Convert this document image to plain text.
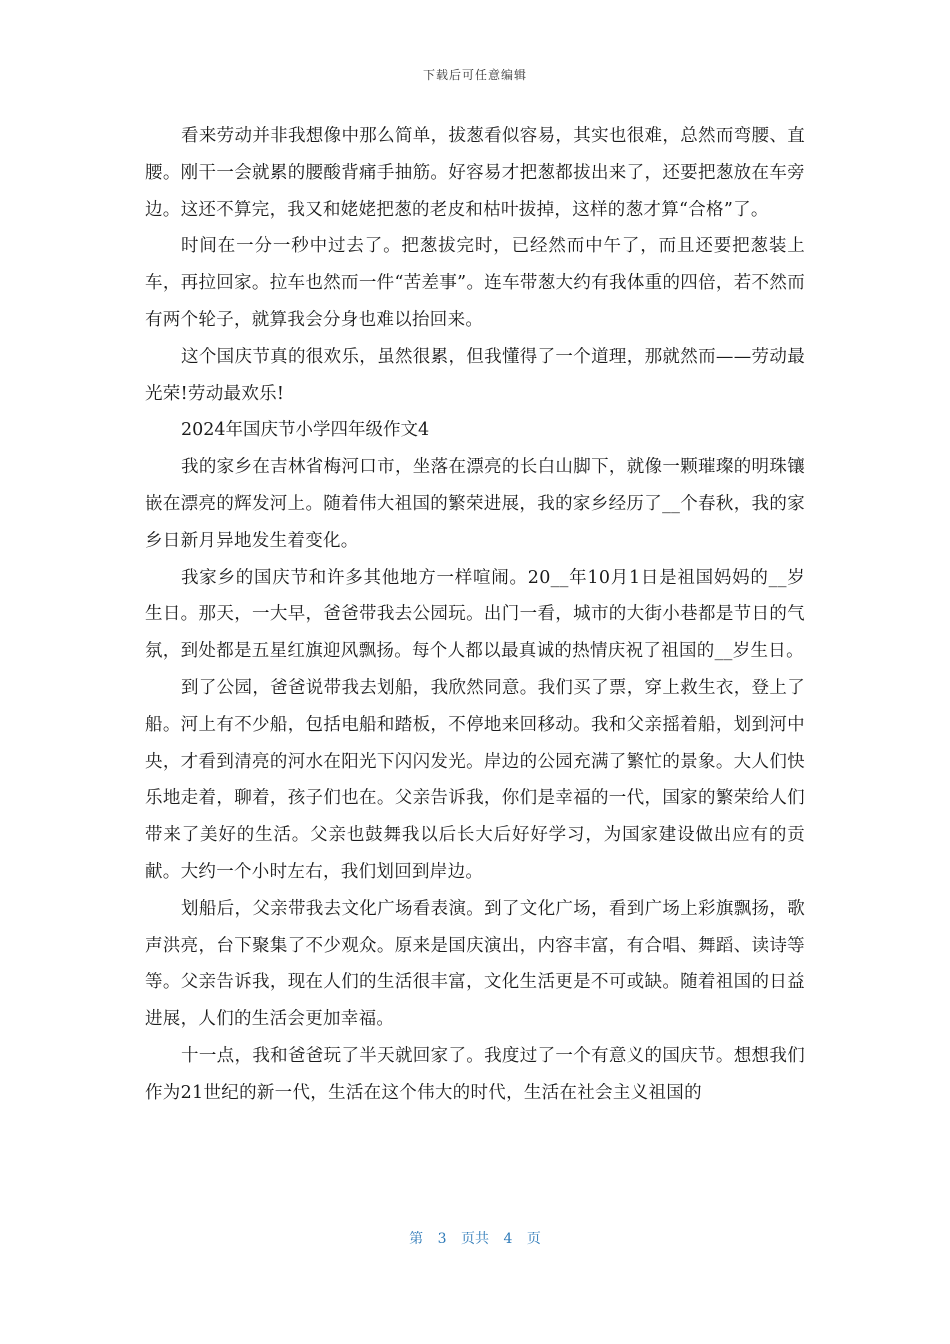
下载后可任意编辑

看来劳动并非我想像中那么简单，拔葱看似容易，其实也很难，总然而弯腰、直腰。刚干一会就累的腰酸背痛手抽筋。好容易才把葱都拔出来了，还要把葱放在车旁边。这还不算完，我又和姥姥把葱的老皮和枯叶拔掉，这样的葱才算“合格”了。

时间在一分一秒中过去了。把葱拔完时，已经然而中午了，而且还要把葱装上车，再拉回家。拉车也然而一件“苦差事”。连车带葱大约有我体重的四倍，若不然而有两个轮子，就算我会分身也难以抬回来。

这个国庆节真的很欢乐，虽然很累，但我懂得了一个道理，那就然而——劳动最光荣!劳动最欢乐!

2024年国庆节小学四年级作文4

我的家乡在吉林省梅河口市，坐落在漂亮的长白山脚下，就像一颗璀璨的明珠镶嵌在漂亮的辉发河上。随着伟大祖国的繁荣进展，我的家乡经历了__个春秋，我的家乡日新月异地发生着变化。

我家乡的国庆节和许多其他地方一样喧闹。20__年10月1日是祖国妈妈的__岁生日。那天，一大早，爸爸带我去公园玩。出门一看，城市的大街小巷都是节日的气氛，到处都是五星红旗迎风飘扬。每个人都以最真诚的热情庆祝了祖国的__岁生日。

到了公园，爸爸说带我去划船，我欣然同意。我们买了票，穿上救生衣，登上了船。河上有不少船，包括电船和踏板，不停地来回移动。我和父亲摇着船，划到河中央，才看到清亮的河水在阳光下闪闪发光。岸边的公园充满了繁忙的景象。大人们快乐地走着，聊着，孩子们也在。父亲告诉我，你们是幸福的一代，国家的繁荣给人们带来了美好的生活。父亲也鼓舞我以后长大后好好学习，为国家建设做出应有的贡献。大约一个小时左右，我们划回到岸边。

划船后，父亲带我去文化广场看表演。到了文化广场，看到广场上彩旗飘扬，歌声洪亮，台下聚集了不少观众。原来是国庆演出，内容丰富，有合唱、舞蹈、读诗等等。父亲告诉我，现在人们的生活很丰富，文化生活更是不可或缺。随着祖国的日益进展，人们的生活会更加幸福。

十一点，我和爸爸玩了半天就回家了。我度过了一个有意义的国庆节。想想我们作为21世纪的新一代，生活在这个伟大的时代，生活在社会主义祖国的

第 3 页共 4 页
